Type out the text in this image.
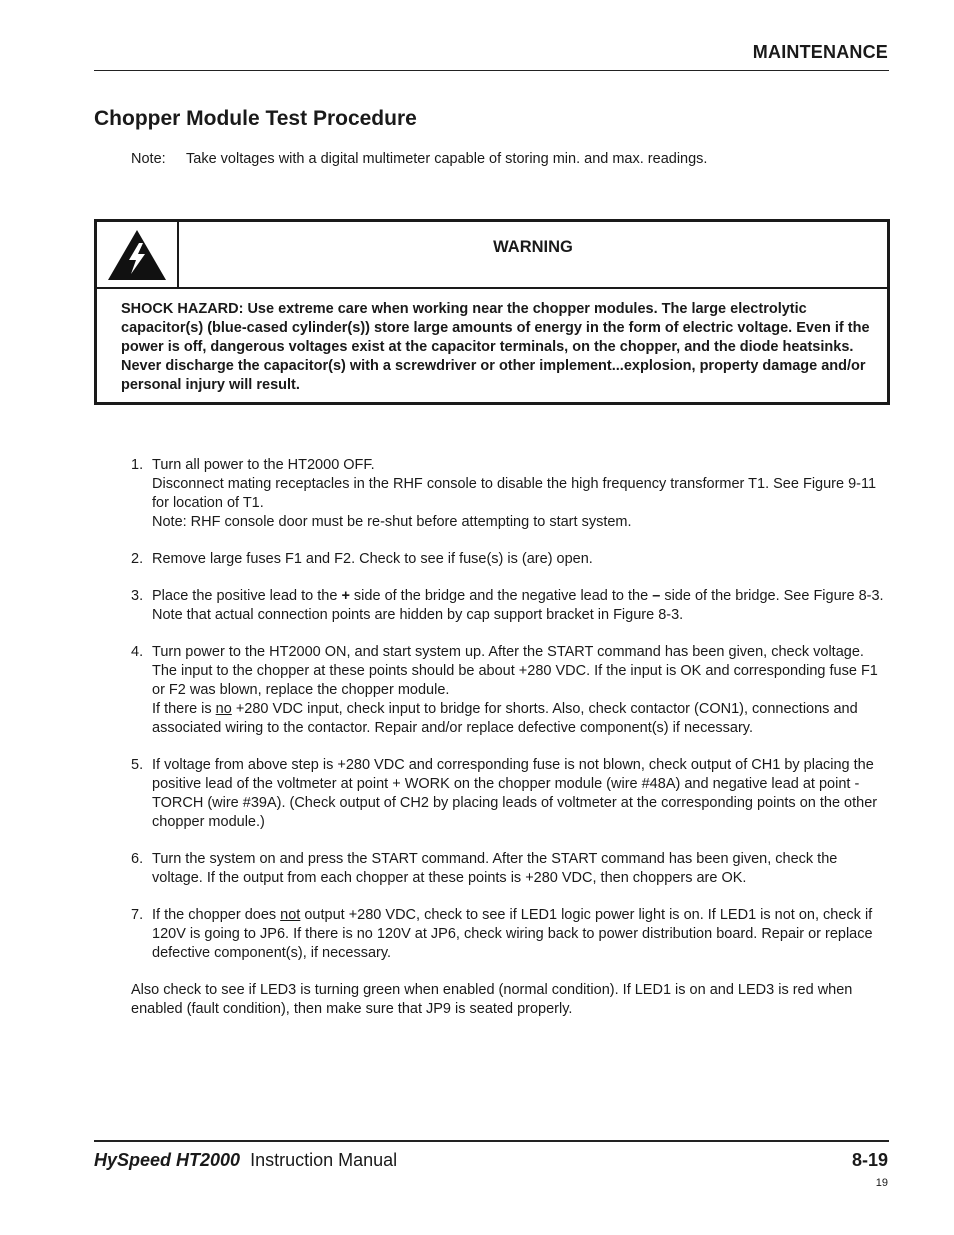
MAINTENANCE
Chopper Module Test Procedure
Note: Take voltages with a digital multimeter capable of storing min. and max. readings.
WARNING
SHOCK HAZARD: Use extreme care when working near the chopper modules. The large electrolytic capacitor(s) (blue-cased cylinder(s)) store large amounts of energy in the form of electric voltage. Even if the power is off, dangerous voltages exist at the capacitor terminals, on the chopper, and the diode heatsinks. Never discharge the capacitor(s) with a screwdriver or other implement...explosion, property damage and/or personal injury will result.
1. Turn all power to the HT2000 OFF.
Disconnect mating receptacles in the RHF console to disable the high frequency transformer T1. See Figure 9-11 for location of T1.
Note: RHF console door must be re-shut before attempting to start system.
2. Remove large fuses F1 and F2. Check to see if fuse(s) is (are) open.
3. Place the positive lead to the + side of the bridge and the negative lead to the – side of the bridge. See Figure 8-3. Note that actual connection points are hidden by cap support bracket in Figure 8-3.
4. Turn power to the HT2000 ON, and start system up. After the START command has been given, check voltage. The input to the chopper at these points should be about +280 VDC. If the input is OK and corresponding fuse F1 or F2 was blown, replace the chopper module.
If there is no +280 VDC input, check input to bridge for shorts. Also, check contactor (CON1), connections and associated wiring to the contactor. Repair and/or replace defective component(s) if necessary.
5. If voltage from above step is +280 VDC and corresponding fuse is not blown, check output of CH1 by placing the positive lead of the voltmeter at point + WORK on the chopper module (wire #48A) and negative lead at point - TORCH (wire #39A). (Check output of CH2 by placing leads of voltmeter at the corresponding points on the other chopper module.)
6. Turn the system on and press the START command. After the START command has been given, check the voltage. If the output from each chopper at these points is +280 VDC, then choppers are OK.
7. If the chopper does not output +280 VDC, check to see if LED1 logic power light is on. If LED1 is not on, check if 120V is going to JP6. If there is no 120V at JP6, check wiring back to power distribution board. Repair or replace defective component(s), if necessary.
Also check to see if LED3 is turning green when enabled (normal condition). If LED1 is on and LED3 is red when enabled (fault condition), then make sure that JP9 is seated properly.
HySpeed HT2000 Instruction Manual	8-19
19
